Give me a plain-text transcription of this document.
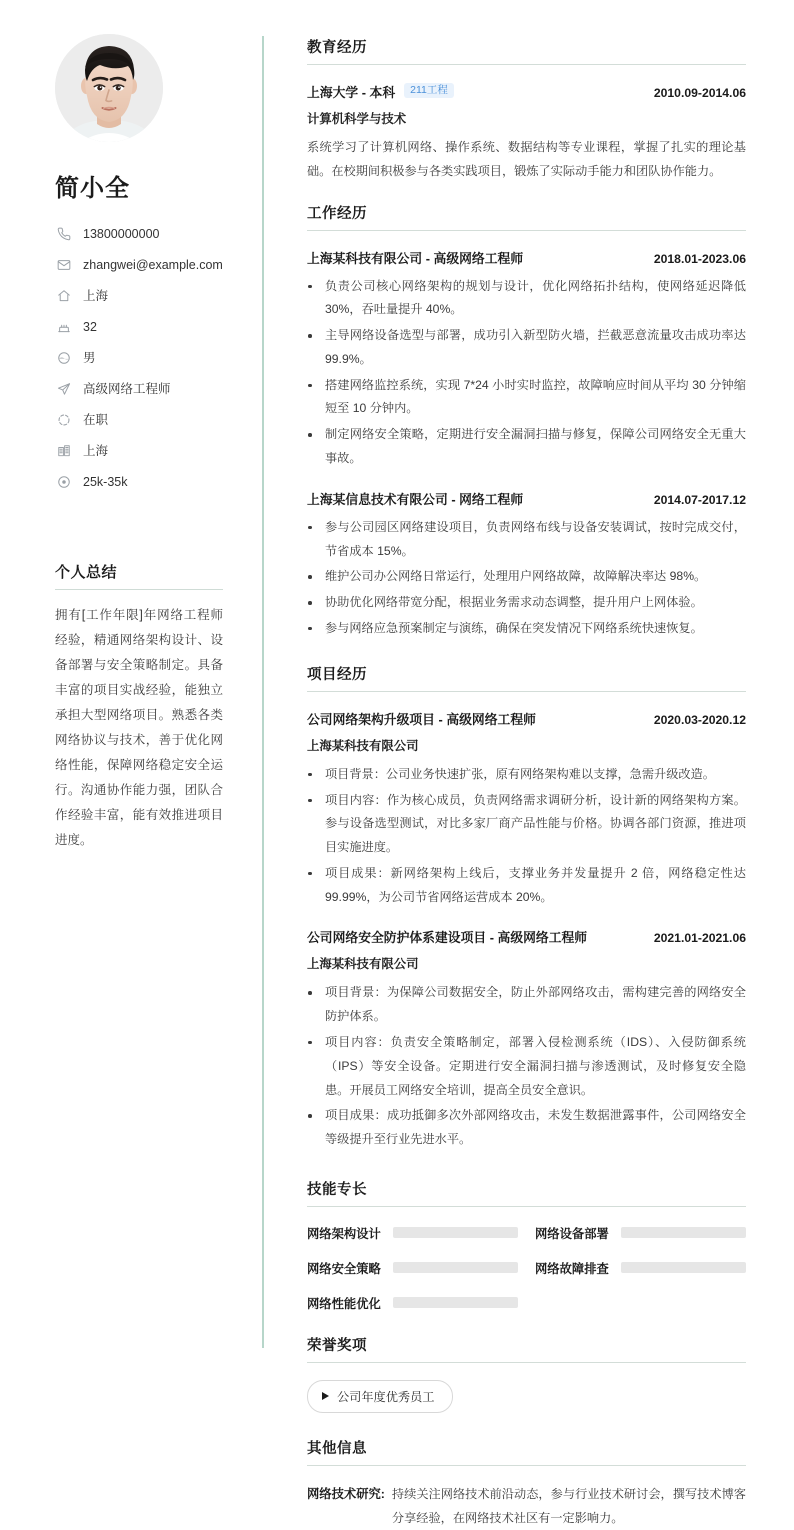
简小全
13800000000
zhangwei@example.com
上海
32
男
高级网络工程师
在职
上海
25k-35k
个人总结
拥有[工作年限]年网络工程师经验，精通网络架构设计、设备部署与安全策略制定。具备丰富的项目实战经验，能独立承担大型网络项目。熟悉各类网络协议与技术，善于优化网络性能，保障网络稳定安全运行。沟通协作能力强，团队合作经验丰富，能有效推进项目进度。
教育经历
上海大学 - 本科	211工程	2010.09-2014.06
计算机科学与技术
系统学习了计算机网络、操作系统、数据结构等专业课程，掌握了扎实的理论基础。在校期间积极参与各类实践项目，锻炼了实际动手能力和团队协作能力。
工作经历
上海某科技有限公司 - 高级网络工程师	2018.01-2023.06
负责公司核心网络架构的规划与设计，优化网络拓扑结构，使网络延迟降低 30%，吞吐量提升 40%。
主导网络设备选型与部署，成功引入新型防火墙，拦截恶意流量攻击成功率达 99.9%。
搭建网络监控系统，实现 7*24 小时实时监控，故障响应时间从平均 30 分钟缩短至 10 分钟内。
制定网络安全策略，定期进行安全漏洞扫描与修复，保障公司网络安全无重大事故。
上海某信息技术有限公司 - 网络工程师	2014.07-2017.12
参与公司园区网络建设项目，负责网络布线与设备安装调试，按时完成交付，节省成本 15%。
维护公司办公网络日常运行，处理用户网络故障，故障解决率达 98%。
协助优化网络带宽分配，根据业务需求动态调整，提升用户上网体验。
参与网络应急预案制定与演练，确保在突发情况下网络系统快速恢复。
项目经历
公司网络架构升级项目 - 高级网络工程师	2020.03-2020.12
上海某科技有限公司
项目背景：公司业务快速扩张，原有网络架构难以支撑，急需升级改造。
项目内容：作为核心成员，负责网络需求调研分析，设计新的网络架构方案。参与设备选型测试，对比多家厂商产品性能与价格。协调各部门资源，推进项目实施进度。
项目成果：新网络架构上线后，支撑业务并发量提升 2 倍，网络稳定性达 99.99%，为公司节省网络运营成本 20%。
公司网络安全防护体系建设项目 - 高级网络工程师	2021.01-2021.06
上海某科技有限公司
项目背景：为保障公司数据安全，防止外部网络攻击，需构建完善的网络安全防护体系。
项目内容：负责安全策略制定，部署入侵检测系统（IDS）、入侵防御系统（IPS）等安全设备。定期进行安全漏洞扫描与渗透测试，及时修复安全隐患。开展员工网络安全培训，提高全员安全意识。
项目成果：成功抵御多次外部网络攻击，未发生数据泄露事件，公司网络安全等级提升至行业先进水平。
技能专长
网络架构设计	网络设备部署
网络安全策略	网络故障排查
网络性能优化
荣誉奖项
公司年度优秀员工
其他信息
网络技术研究: 持续关注网络技术前沿动态，参与行业技术研讨会，撰写技术博客分享经验，在网络技术社区有一定影响力。
